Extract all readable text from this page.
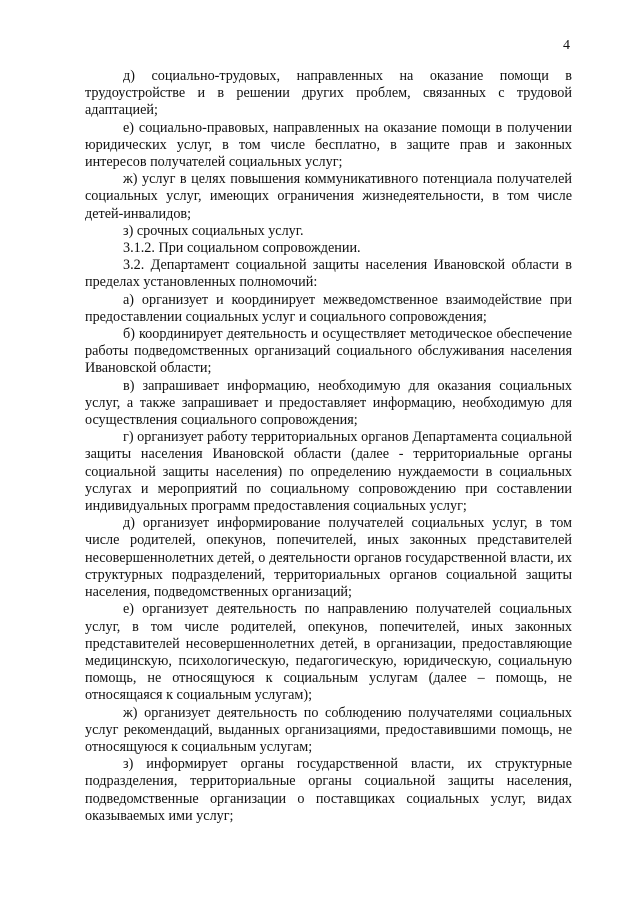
4

д) социально-трудовых, направленных на оказание помощи в трудоустройстве и в решении других проблем, связанных с трудовой адаптацией;

е) социально-правовых, направленных на оказание помощи в получении юридических услуг, в том числе бесплатно, в защите прав и законных интересов получателей социальных услуг;

ж) услуг в целях повышения коммуникативного потенциала получателей социальных услуг, имеющих ограничения жизнедеятельности, в том числе детей-инвалидов;

з) срочных социальных услуг.

3.1.2. При социальном сопровождении.

3.2. Департамент социальной защиты населения Ивановской области в пределах установленных полномочий:

а) организует и координирует межведомственное взаимодействие при предоставлении социальных услуг и социального сопровождения;

б) координирует деятельность и осуществляет методическое обеспечение работы подведомственных организаций социального обслуживания населения Ивановской области;

в) запрашивает информацию, необходимую для оказания социальных услуг, а также запрашивает и предоставляет информацию, необходимую для осуществления социального сопровождения;

г) организует работу территориальных органов Департамента социальной защиты населения Ивановской области (далее - территориальные органы социальной защиты населения) по определению нуждаемости в социальных услугах и мероприятий по социальному сопровождению при составлении индивидуальных программ предоставления социальных услуг;

д) организует информирование получателей социальных услуг, в том числе родителей, опекунов, попечителей, иных законных представителей несовершеннолетних детей, о деятельности органов государственной власти, их структурных подразделений, территориальных органов социальной защиты населения, подведомственных организаций;

е) организует деятельность по направлению получателей социальных услуг, в том числе родителей, опекунов, попечителей, иных законных представителей несовершеннолетних детей, в организации, предоставляющие медицинскую, психологическую, педагогическую, юридическую, социальную помощь, не относящуюся к социальным услугам (далее – помощь, не относящаяся к социальным услугам);

ж) организует деятельность по соблюдению получателями социальных услуг рекомендаций, выданных организациями, предоставившими помощь, не относящуюся к социальным услугам;

з) информирует органы государственной власти, их структурные подразделения, территориальные органы социальной защиты населения, подведомственные организации о поставщиках социальных услуг, видах оказываемых ими услуг;
